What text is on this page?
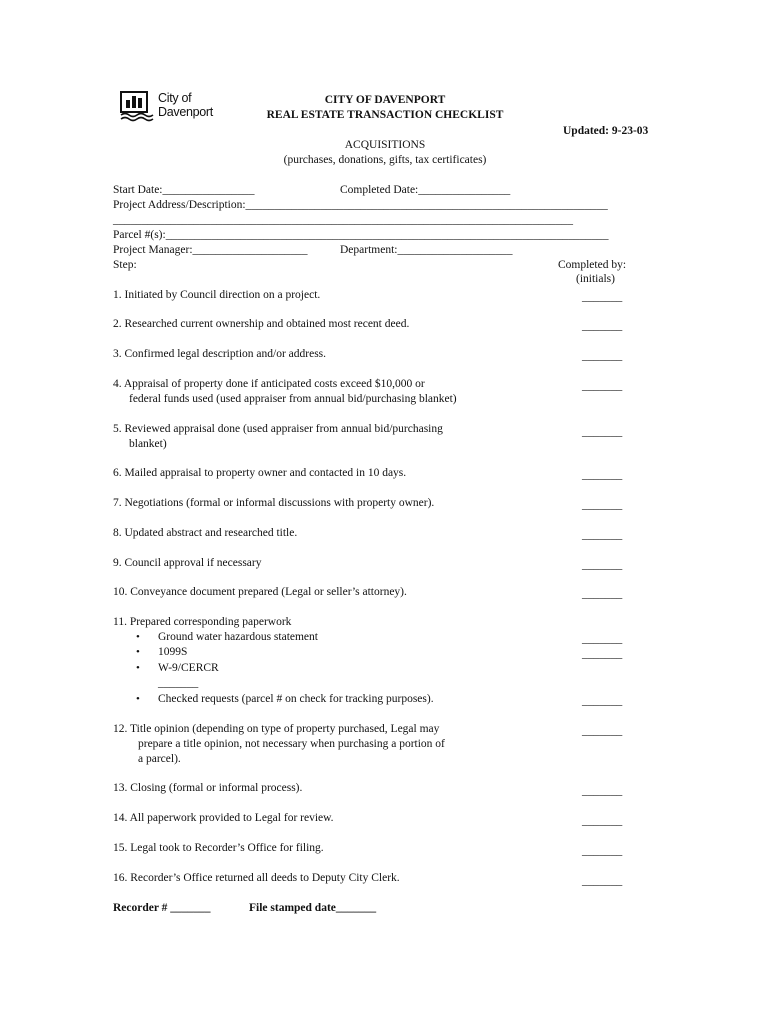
City of
Davenport
CITY OF DAVENPORT
REAL ESTATE TRANSACTION CHECKLIST
Updated: 9-23-03
ACQUISITIONS
(purchases, donations, gifts, tax certificates)
Start Date:________________	Completed Date:________________
Project Address/Description:_______________________________________________________________
________________________________________________________________________________
Parcel #(s):_____________________________________________________________________________
Project Manager:____________________	Department:____________________
Step:	Completed by:
(initials)
1. Initiated by Council direction on a project.	_______
2. Researched current ownership and obtained most recent deed.	_______
3. Confirmed legal description and/or address.	_______
4. Appraisal of property done if anticipated costs exceed $10,000 or
federal funds used (used appraiser from annual bid/purchasing blanket)
_______
5. Reviewed appraisal done (used appraiser from annual bid/purchasing
blanket)
_______
6. Mailed appraisal to property owner and contacted in 10 days.	_______
7. Negotiations (formal or informal discussions with property owner).	_______
8. Updated abstract and researched title.	_______
9. Council approval if necessary	_______
10. Conveyance document prepared (Legal or seller’s attorney).	_______
11. Prepared corresponding paperwork
• Ground water hazardous statement	_______
• 1099S	_______
• W-9/CERCR
_______
• Checked requests (parcel # on check for tracking purposes).	_______
12. Title opinion (depending on type of property purchased, Legal may
prepare a title opinion, not necessary when purchasing a portion of
a parcel).
_______
13. Closing (formal or informal process).	_______
14. All paperwork provided to Legal for review.	_______
15. Legal took to Recorder’s Office for filing.	_______
16. Recorder’s Office returned all deeds to Deputy City Clerk.	_______
Recorder # _______	File stamped date_______
